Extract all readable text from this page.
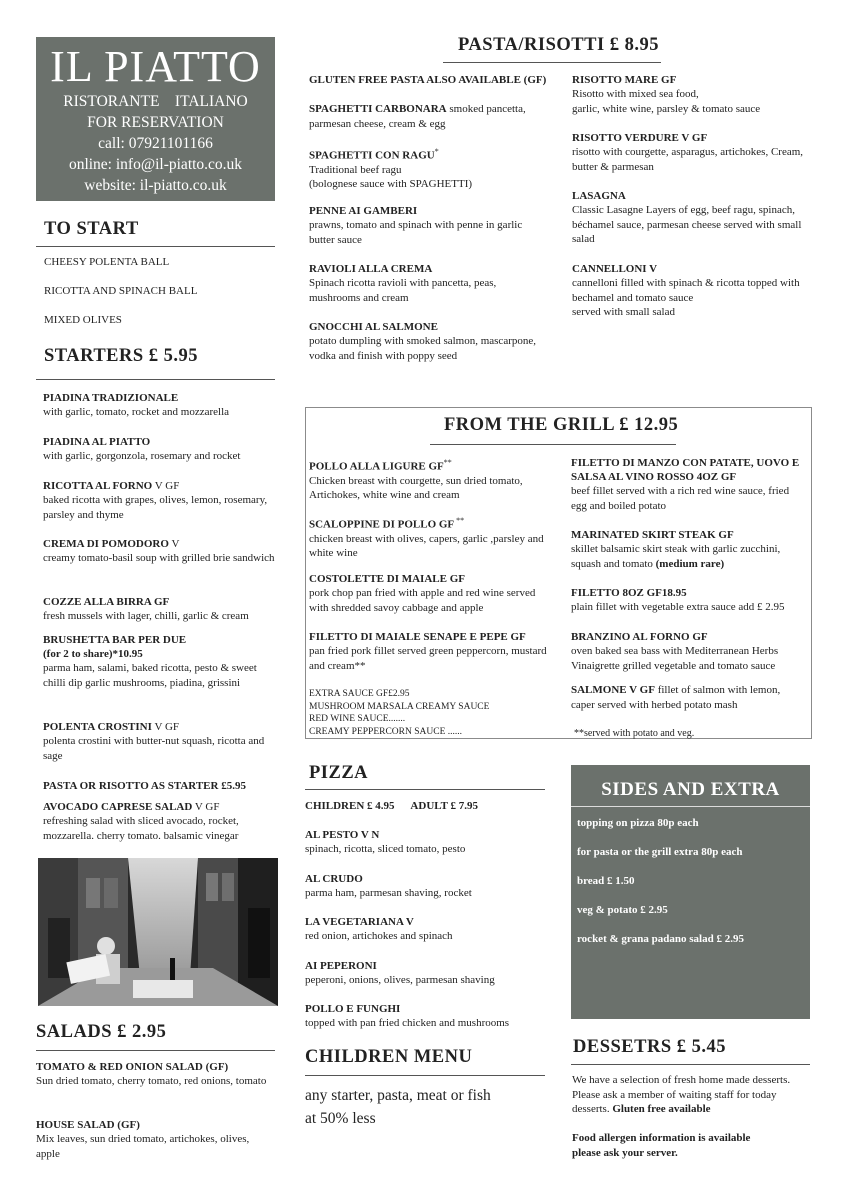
IL PIATTO
RISTORANTE    ITALIANO
FOR RESERVATION
call: 07921101166
online: info@il-piatto.co.uk
website: il-piatto.co.uk
TO START
CHEESY POLENTA BALL
RICOTTA AND SPINACH BALL
MIXED OLIVES
STARTERS £ 5.95
PIADINA TRADIZIONALE
with garlic, tomato, rocket and mozzarella
PIADINA AL PIATTO
with garlic, gorgonzola, rosemary and rocket
RICOTTA AL FORNO V GF
baked ricotta with grapes, olives, lemon, rosemary, parsley and thyme
CREMA DI POMODORO V
creamy tomato-basil soup with grilled brie sandwich
COZZE ALLA BIRRA GF
fresh mussels with lager, chilli, garlic & cream
BRUSHETTA BAR PER DUE
(for 2 to share)*10.95
parma ham, salami, baked ricotta, pesto & sweet chilli dip garlic mushrooms, piadina, grissini
POLENTA CROSTINI V GF
polenta crostini with butter-nut squash, ricotta and sage
PASTA OR RISOTTO AS STARTER £5.95
AVOCADO CAPRESE SALAD V GF
refreshing salad with sliced avocado, rocket, mozzarella. cherry tomato. balsamic vinegar
SALADS £ 2.95
TOMATO & RED ONION SALAD (GF)
Sun dried tomato, cherry tomato, red onions, tomato
HOUSE SALAD (GF)
Mix leaves, sun dried tomato, artichokes, olives, apple
PASTA/RISOTTI £ 8.95
GLUTEN FREE PASTA ALSO AVAILABLE (GF)
SPAGHETTI CARBONARA smoked pancetta,
parmesan cheese, cream & egg
SPAGHETTI CON RAGU*
Traditional beef ragu
(bolognese sauce with SPAGHETTI)
PENNE AI GAMBERI
prawns, tomato and spinach with penne in garlic butter sauce
RAVIOLI ALLA CREMA
Spinach ricotta ravioli with pancetta, peas, mushrooms and cream
GNOCCHI AL SALMONE
potato dumpling with smoked salmon, mascarpone, vodka and finish with poppy seed
RISOTTO MARE GF
Risotto with mixed sea food,
garlic, white wine, parsley & tomato sauce
RISOTTO VERDURE V GF
risotto with courgette, asparagus, artichokes, Cream, butter & parmesan
LASAGNA
Classic Lasagne Layers of egg, beef ragu, spinach, béchamel sauce, parmesan cheese served with small salad
CANNELLONI V
cannelloni filled with spinach & ricotta topped with bechamel and tomato sauce
served with small salad
FROM THE GRILL £ 12.95
POLLO ALLA LIGURE GF**
Chicken breast with courgette, sun dried tomato, Artichokes, white wine and cream
SCALOPPINE DI POLLO GF **
chicken breast with olives, capers, garlic ,parsley and white wine
COSTOLETTE DI MAIALE GF
pork chop pan fried with apple and red wine served with shredded savoy cabbage and apple
FILETTO DI MAIALE SENAPE E PEPE GF
pan fried pork fillet served green peppercorn, mustard and cream**
EXTRA SAUCE GF£2.95
MUSHROOM MARSALA CREAMY SAUCE
RED WINE SAUCE.......
CREAMY PEPPERCORN SAUCE ......
FILETTO DI MANZO CON PATATE, UOVO E SALSA AL VINO ROSSO 4OZ GF
beef fillet served with a rich red wine sauce, fried egg and boiled potato
MARINATED SKIRT STEAK GF
skillet balsamic skirt steak with garlic zucchini, squash and tomato (medium rare)
FILETTO 8OZ GF18.95
plain fillet with vegetable extra sauce add £ 2.95
BRANZINO AL FORNO GF
oven baked sea bass with Mediterranean Herbs Vinaigrette grilled vegetable and tomato sauce
SALMONE V GF fillet of salmon with lemon,
caper served with herbed potato mash
**served with potato and veg.
PIZZA
CHILDREN £ 4.95      ADULT £ 7.95
AL PESTO V N
spinach, ricotta, sliced tomato, pesto
AL CRUDO
parma ham, parmesan shaving, rocket
LA VEGETARIANA V
red onion, artichokes and spinach
AI PEPERONI
peperoni, onions, olives, parmesan shaving
POLLO E FUNGHI
topped with pan fried chicken and mushrooms
CHILDREN MENU
any starter, pasta, meat or fish
at 50% less
SIDES AND EXTRA
topping on pizza 80p each
for pasta or the grill extra 80p each
bread £ 1.50
veg & potato £ 2.95
rocket & grana padano salad £ 2.95
DESSETRS £ 5.45
We have a selection of fresh home made desserts. Please ask a member of waiting staff for today desserts. Gluten free available
Food allergen information is available
please ask your server.
